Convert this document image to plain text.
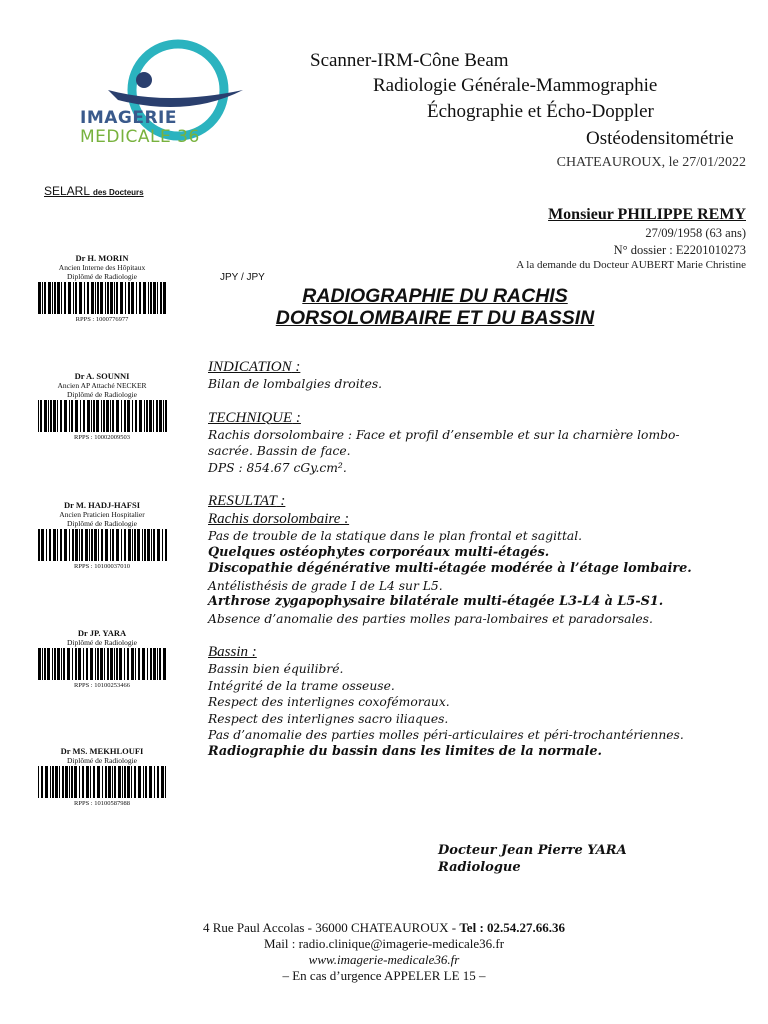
IMAGERIE
MEDICALE 36
Scanner-IRM-Cône Beam
Radiologie Générale-Mammographie
Échographie et Écho-Doppler
Ostéodensitométrie
CHATEAUROUX, le 27/01/2022
SELARL des Docteurs
Monsieur PHILIPPE REMY
27/09/1958 (63 ans)
N° dossier : E2201010273
A la demande du Docteur AUBERT Marie Christine
Dr H. MORIN
Ancien Interne des Hôpitaux
Diplômé de Radiologie
RPPS : 1000776977
Dr A. SOUNNI
Ancien AP Attaché NECKER
Diplômé de Radiologie
RPPS : 10002009503
Dr M. HADJ-HAFSI
Ancien Praticien Hospitalier
Diplômé de Radiologie
RPPS : 10100037010
Dr JP. YARA
Diplômé de Radiologie
RPPS : 10100253466
Dr MS. MEKHLOUFI
Diplômé de Radiologie
RPPS : 10100587988
JPY / JPY
RADIOGRAPHIE DU RACHIS
DORSOLOMBAIRE ET DU BASSIN
INDICATION :
Bilan de lombalgies droites.
TECHNIQUE :
Rachis dorsolombaire : Face et profil d’ensemble et sur la charnière lombo-sacrée. Bassin de face.
DPS : 854.67 cGy.cm².
RESULTAT :
Rachis dorsolombaire :
Pas de trouble de la statique dans le plan frontal et sagittal.
Quelques ostéophytes corporéaux multi-étagés.
Discopathie dégénérative multi-étagée modérée à l’étage lombaire.
Antélisthésis de grade I de L4 sur L5.
Arthrose zygapophysaire bilatérale multi-étagée L3-L4 à L5-S1.
Absence d’anomalie des parties molles para-lombaires et paradorsales.
Bassin :
Bassin bien équilibré.
Intégrité de la trame osseuse.
Respect des interlignes coxofémoraux.
Respect des interlignes sacro iliaques.
Pas d’anomalie des parties molles péri-articulaires et péri-trochantériennes.
Radiographie du bassin dans les limites de la normale.
Docteur Jean Pierre YARA
Radiologue
4 Rue Paul Accolas - 36000 CHATEAUROUX - Tel : 02.54.27.66.36
Mail : radio.clinique@imagerie-medicale36.fr
www.imagerie-medicale36.fr
– En cas d’urgence APPELER LE 15 –
